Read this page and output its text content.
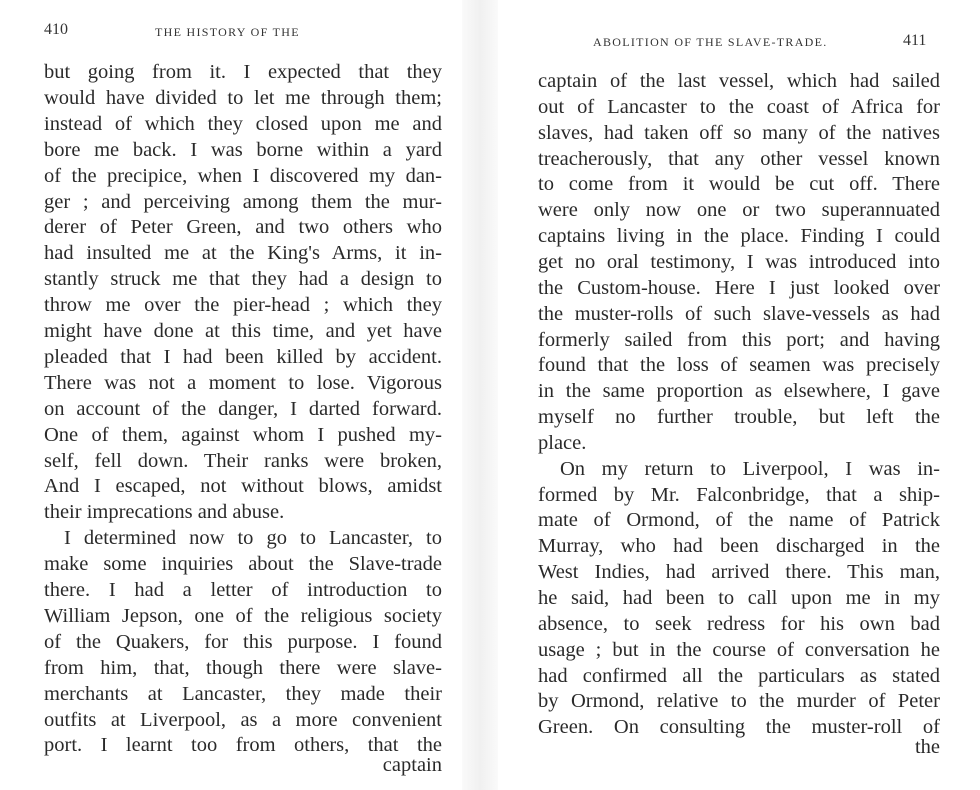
410	THE HISTORY OF THE
but going from it. I expected that they
would have divided to let me through them;
instead of which they closed upon me and
bore me back. I was borne within a yard
of the precipice, when I discovered my dan-
ger ; and perceiving among them the mur-
derer of Peter Green, and two others who
had insulted me at the King's Arms, it in-
stantly struck me that they had a design to
throw me over the pier-head ; which they
might have done at this time, and yet have
pleaded that I had been killed by accident.
There was not a moment to lose. Vigorous
on account of the danger, I darted forward.
One of them, against whom I pushed my-
self, fell down. Their ranks were broken,
And I escaped, not without blows, amidst
their imprecations and abuse.
I determined now to go to Lancaster, to
make some inquiries about the Slave-trade
there. I had a letter of introduction to
William Jepson, one of the religious society
of the Quakers, for this purpose. I found
from him, that, though there were slave-
merchants at Lancaster, they made their
outfits at Liverpool, as a more convenient
port. I learnt too from others, that the
captain
ABOLITION OF THE SLAVE-TRADE.	411
captain of the last vessel, which had sailed
out of Lancaster to the coast of Africa for
slaves, had taken off so many of the natives
treacherously, that any other vessel known
to come from it would be cut off. There
were only now one or two superannuated
captains living in the place. Finding I could
get no oral testimony, I was introduced into
the Custom-house. Here I just looked over
the muster-rolls of such slave-vessels as had
formerly sailed from this port; and having
found that the loss of seamen was precisely
in the same proportion as elsewhere, I gave
myself no further trouble, but left the
place.
On my return to Liverpool, I was in-
formed by Mr. Falconbridge, that a ship-
mate of Ormond, of the name of Patrick
Murray, who had been discharged in the
West Indies, had arrived there. This man,
he said, had been to call upon me in my
absence, to seek redress for his own bad
usage ; but in the course of conversation he
had confirmed all the particulars as stated
by Ormond, relative to the murder of Peter
Green. On consulting the muster-roll of
the
